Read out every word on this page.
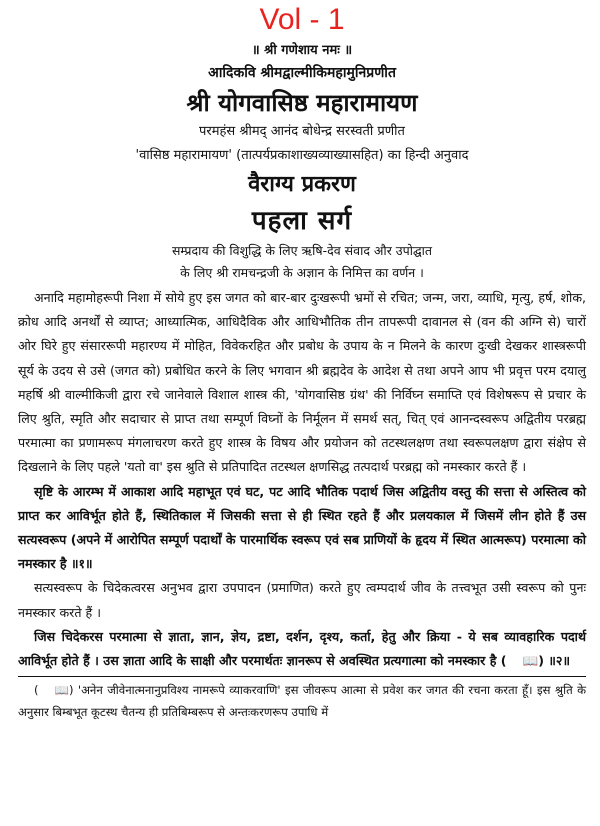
Vol - 1
॥ श्री गणेशाय नमः ॥
आदिकवि श्रीमद्वाल्मीकिमहामुनिप्रणीत
श्री योगवासिष्ठ महारामायण
परमहंस श्रीमद् आनंद बोधेन्द्र सरस्वती प्रणीत
'वासिष्ठ महारामायण' (तात्पर्यप्रकाशाख्यव्याख्यासहित) का हिन्दी अनुवाद
वैराग्य प्रकरण
पहला सर्ग
सम्प्रदाय की विशुद्धि के लिए ऋषि-देव संवाद और उपोद्घात
के लिए श्री रामचन्द्रजी के अज्ञान के निमित्त का वर्णन ।

अनादि महामोहरूपी निशा में सोये हुए इस जगत को बार-बार दुःखरूपी भ्रमों से रचित; जन्म, जरा, व्याधि, मृत्यु, हर्ष, शोक, क्रोध आदि अनर्थों से व्याप्त; आध्यात्मिक, आधिदैविक और आधिभौतिक तीन तापरूपी दावानल से (वन की अग्नि से) चारों ओर घिरे हुए संसाररूपी महारण्य में मोहित, विवेकरहित और प्रबोध के उपाय के न मिलने के कारण दुःखी देखकर शास्त्ररूपी सूर्य के उदय से उसे (जगत को) प्रबोधित करने के लिए भगवान श्री ब्रह्मदेव के आदेश से तथा अपने आप भी प्रवृत्त परम दयालु महर्षि श्री वाल्मीकिजी द्वारा रचे जानेवाले विशाल शास्त्र की, 'योगवासिष्ठ ग्रंथ' की निर्विघ्न समाप्ति एवं विशेषरूप से प्रचार के लिए श्रुति, स्मृति और सदाचार से प्राप्त तथा सम्पूर्ण विघ्नों के निर्मूलन में समर्थ सत्, चित् एवं आनन्दस्वरूप अद्वितीय परब्रह्म परमात्मा का प्रणामरूप मंगलाचरण करते हुए शास्त्र के विषय और प्रयोजन को तटस्थलक्षण तथा स्वरूपलक्षण द्वारा संक्षेप से दिखलाने के लिए पहले 'यतो वा' इस श्रुति से प्रतिपादित तटस्थल क्षणसिद्ध तत्पदार्थ परब्रह्म को नमस्कार करते हैं ।

सृष्टि के आरम्भ में आकाश आदि महाभूत एवं घट, पट आदि भौतिक पदार्थ जिस अद्वितीय वस्तु की सत्ता से अस्तित्व को प्राप्त कर आविर्भूत होते हैं, स्थितिकाल में जिसकी सत्ता से ही स्थित रहते हैं और प्रलयकाल में जिसमें लीन होते हैं उस सत्यस्वरूप (अपने में आरोपित सम्पूर्ण पदार्थों के पारमार्थिक स्वरूप एवं सब प्राणियों के हृदय में स्थित आत्मरूप) परमात्मा को नमस्कार है ॥१॥

सत्यस्वरूप के चिदेकत्वरस अनुभव द्वारा उपपादन (प्रमाणित) करते हुए त्वम्पदार्थ जीव के तत्त्वभूत उसी स्वरूप को पुनः नमस्कार करते हैं ।

जिस चिदेकरस परमात्मा से ज्ञाता, ज्ञान, ज्ञेय, द्रष्टा, दर्शन, दृश्य, कर्ता, हेतु और क्रिया - ये सब व्यावहारिक पदार्थ आविर्भूत होते हैं । उस ज्ञाता आदि के साक्षी और परमार्थतः ज्ञानरूप से अवस्थित प्रत्यगात्मा को नमस्कार है ( 📖) ॥२॥

( 📖) 'अनेन जीवेनात्मनानुप्रविश्य नामरूपे व्याकरवाणि' इस जीवरूप आत्मा से प्रवेश कर जगत की रचना करता हूँ। इस श्रुति के अनुसार बिम्बभूत कूटस्थ चैतन्य ही प्रतिबिम्बरूप से अन्तःकरणरूप उपाधि में
